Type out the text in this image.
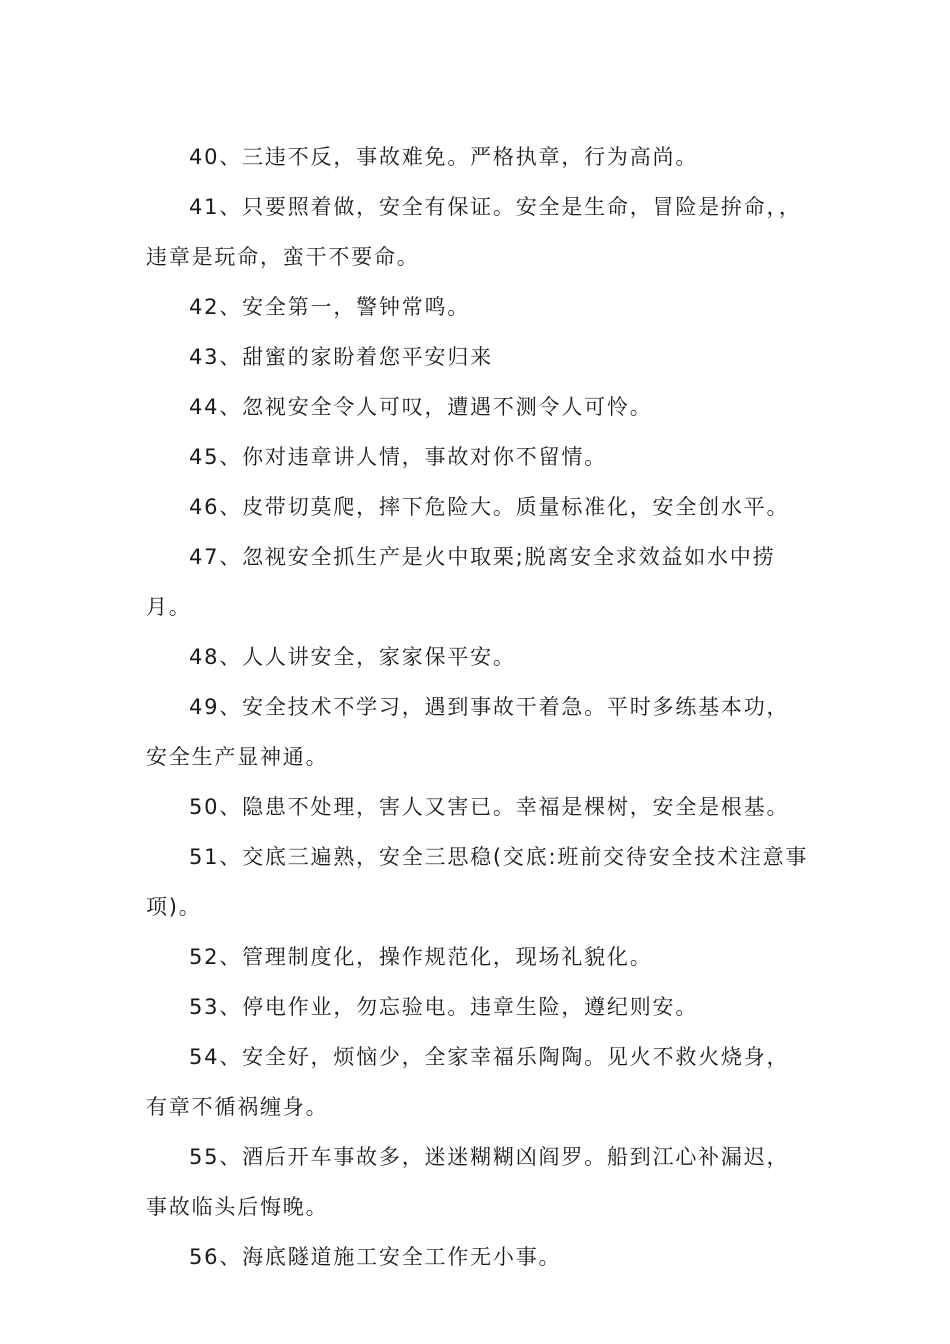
40、三违不反，事故难免。严格执章，行为高尚。

41、只要照着做，安全有保证。安全是生命，冒险是拚命，，违章是玩命，蛮干不要命。

42、安全第一，警钟常鸣。

43、甜蜜的家盼着您平安归来

44、忽视安全令人可叹，遭遇不测令人可怜。

45、你对违章讲人情，事故对你不留情。

46、皮带切莫爬，摔下危险大。质量标准化，安全创水平。

47、忽视安全抓生产是火中取栗;脱离安全求效益如水中捞月。

48、人人讲安全，家家保平安。

49、安全技术不学习，遇到事故干着急。平时多练基本功，安全生产显神通。

50、隐患不处理，害人又害已。幸福是棵树，安全是根基。

51、交底三遍熟，安全三思稳(交底:班前交待安全技术注意事项)。

52、管理制度化，操作规范化，现场礼貌化。

53、停电作业，勿忘验电。违章生险，遵纪则安。

54、安全好，烦恼少，全家幸福乐陶陶。见火不救火烧身，有章不循祸缠身。

55、酒后开车事故多，迷迷糊糊凶阎罗。船到江心补漏迟，事故临头后悔晚。

56、海底隧道施工安全工作无小事。
